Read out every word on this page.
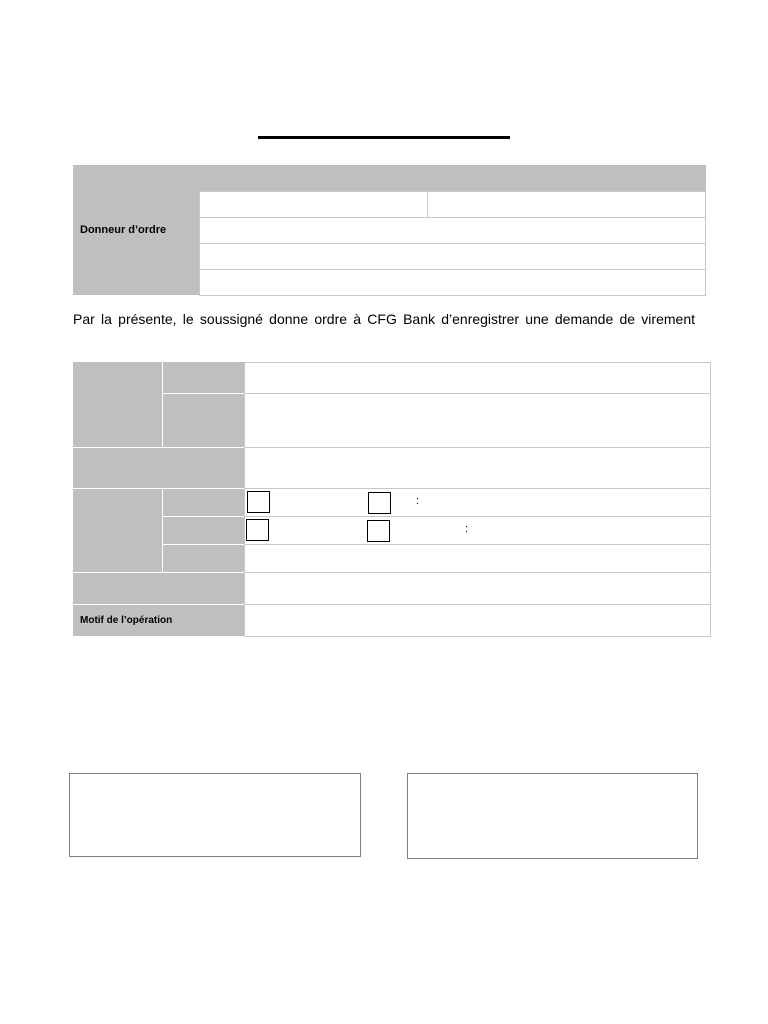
Donneur d’ordre
Par la présente, le soussigné donne ordre à CFG Bank d’enregistrer une demande de virement
:
:
Motif de l’opération
